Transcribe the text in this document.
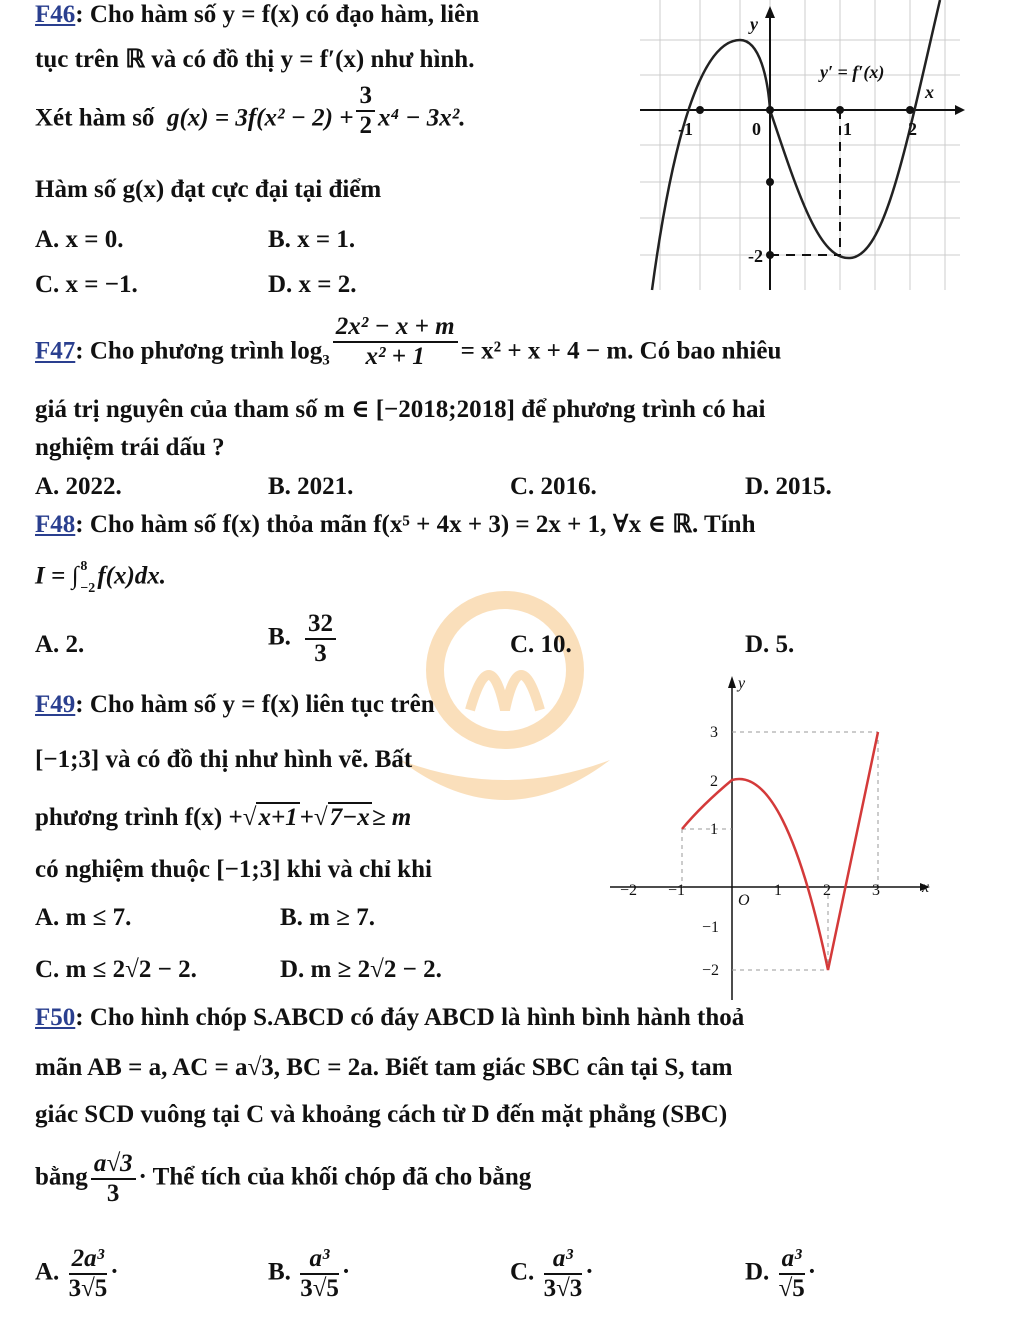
F46: Cho hàm số y = f(x) có đạo hàm, liên
tục trên ℝ và có đồ thị y = f′(x) như hình.
Xét hàm số $g(x) = 3f(x^2 - 2) + \frac{3}{2} x^4 - 3x^2$.
Hàm số g(x) đạt cực đại tại điểm
A. x = 0.	B. x = 1.
C. x = −1.	D. x = 2.
y
x
y′ = f′(x)
-1	0	1	2
-2
F47: Cho phương trình $\log_3 \frac{\text{2x² − x + m}}{\text{x² + 1}} = x^2 + x + 4 - m$. Có bao nhiêu
giá trị nguyên của tham số m ∈ [−2018;2018] để phương trình có hai
nghiệm trái dấu ?
A. 2022.	B. 2021.	C. 2016.	D. 2015.
F48: Cho hàm số f(x) thỏa mãn f(x⁵ + 4x + 3) = 2x + 1, ∀x ∈ ℝ. Tính
I = ∫ 8
−2 f(x)dx.
A. 2.	B. $\frac{32}{3}$	C. 10.	D. 5.
F49: Cho hàm số y = f(x) liên tục trên
[−1;3] và có đồ thị như hình vẽ. Bất
phương trình f(x) +√x+1+√7−x≥ m
có nghiệm thuộc [−1;3] khi và chỉ khi
A. m ≤ 7.	B. m ≥ 7.
C. m ≤ 2√2 − 2.	D. m ≥ 2√2 − 2.
y
x
O
−2 −1	1	2	3
3
2
1
−1
−2
F50: Cho hình chóp S.ABCD có đáy ABCD là hình bình hành thoả
mãn AB = a, AC = a√3, BC = 2a. Biết tam giác SBC cân tại S, tam
giác SCD vuông tại C và khoảng cách từ D đến mặt phẳng (SBC)
bằng $\frac{a√3}{3}$ · Thể tích của khối chóp đã cho bằng
A. $\frac{\text{2a³}}{3√5}$ ·	B. $\frac{\text{a³}}{3√5}$ ·	C. $\frac{\text{a³}}{3√3}$ ·	D. $\frac{\text{a³}}{√5}$ ·
